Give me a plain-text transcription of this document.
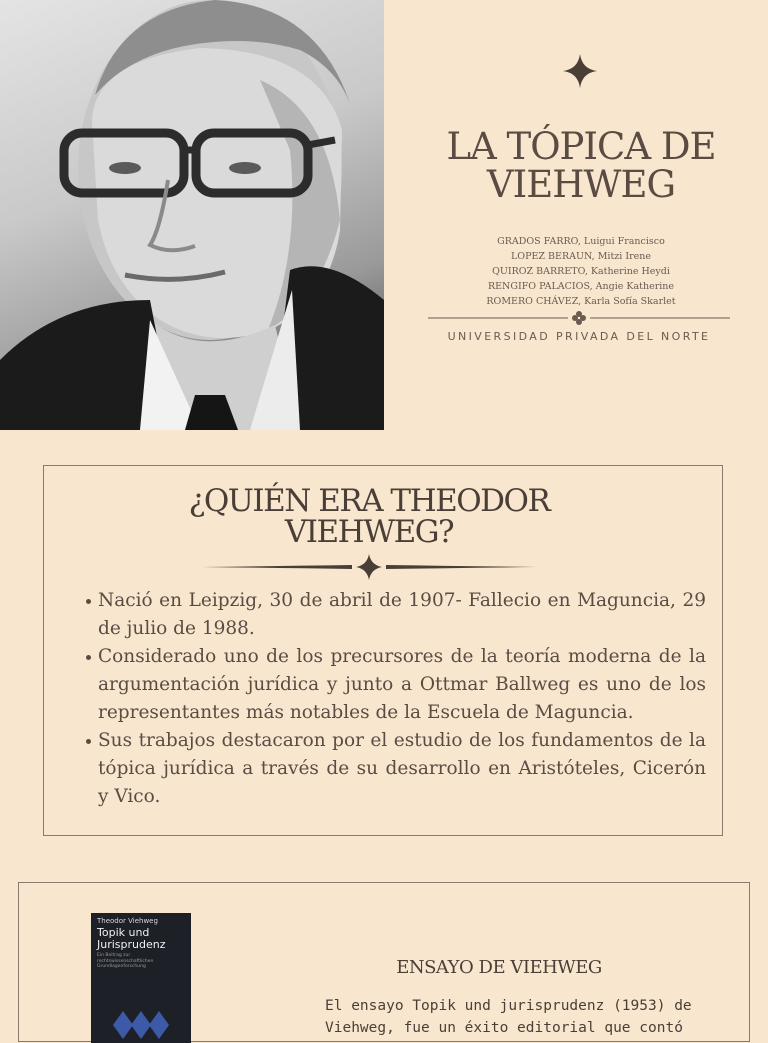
LA TÓPICA DE
VIEHWEG
GRADOS FARRO, Luigui Francisco
LOPEZ BERAUN, Mitzi Irene
QUIROZ BARRETO, Katherine Heydi
RENGIFO PALACIOS, Angie Katherine
ROMERO CHÁVEZ, Karla Sofía Skarlet
UNIVERSIDAD PRIVADA DEL NORTE
¿QUIÉN ERA THEODOR
VIEHWEG?
Nació en Leipzig, 30 de abril de 1907- Fallecio en Maguncia, 29 de julio de 1988.
Considerado uno de los precursores de la teoría moderna de la argumentación jurídica y junto a Ottmar Ballweg es uno de los representantes más notables de la Escuela de Maguncia.
Sus trabajos destacaron por el estudio de los fundamentos de la tópica jurídica a través de su desarrollo en Aristóteles, Cicerón y Vico.
Theodor Viehweg
Topik und
Jurisprudenz
Ein Beitrag zur rechtswissenschaftlichen Grundlagenforschung	ENSAYO DE VIEHWEG
El ensayo Topik und jurisprudenz (1953) de
Viehweg, fue un éxito editorial que contó
